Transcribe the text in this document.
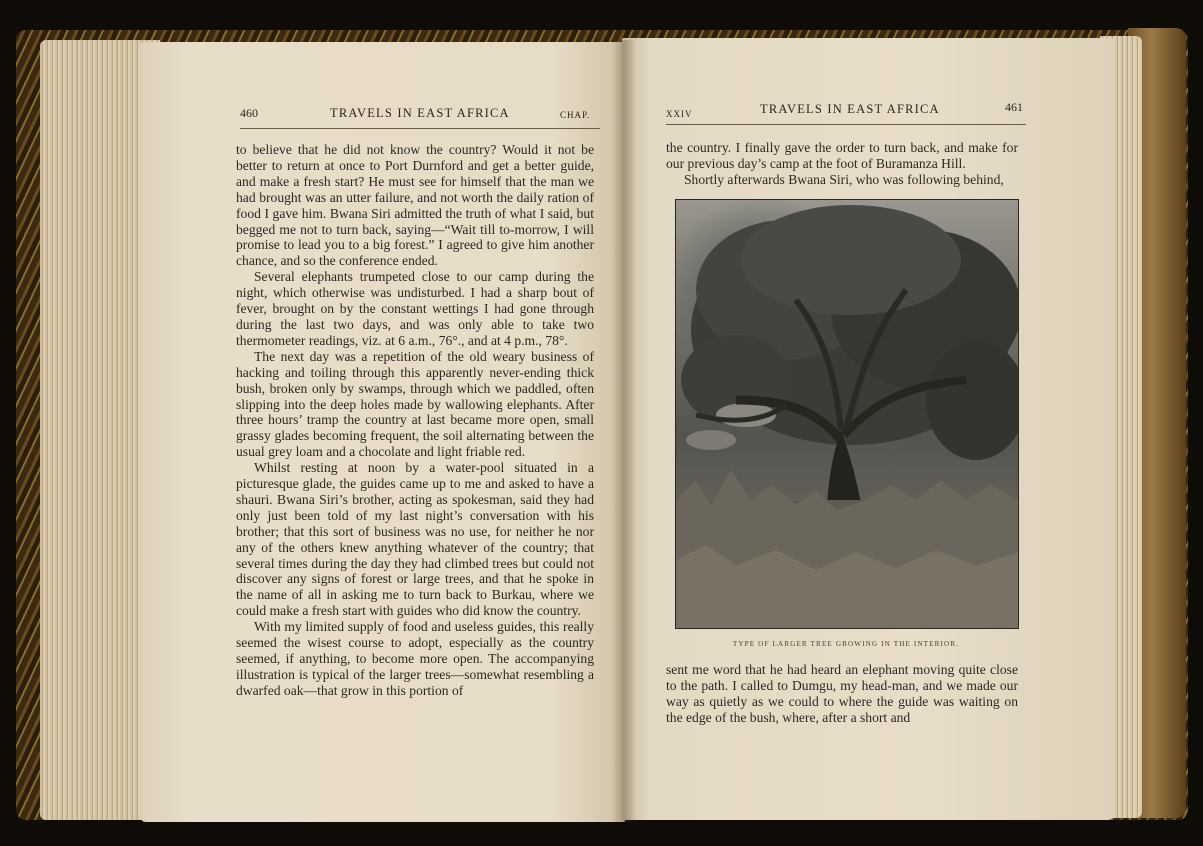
460	TRAVELS IN EAST AFRICA	CHAP.

to believe that he did not know the country? Would it not be better to return at once to Port Durnford and get a better guide, and make a fresh start? He must see for himself that the man we had brought was an utter failure, and not worth the daily ration of food I gave him. Bwana Siri admitted the truth of what I said, but begged me not to turn back, saying—“Wait till to-morrow, I will promise to lead you to a big forest.” I agreed to give him another chance, and so the conference ended.

Several elephants trumpeted close to our camp during the night, which otherwise was undisturbed. I had a sharp bout of fever, brought on by the constant wettings I had gone through during the last two days, and was only able to take two thermometer readings, viz. at 6 a.m., 76°., and at 4 p.m., 78°.

The next day was a repetition of the old weary business of hacking and toiling through this apparently never-ending thick bush, broken only by swamps, through which we paddled, often slipping into the deep holes made by wallowing elephants. After three hours’ tramp the country at last became more open, small grassy glades becoming frequent, the soil alternating between the usual grey loam and a chocolate and light friable red.

Whilst resting at noon by a water-pool situated in a picturesque glade, the guides came up to me and asked to have a shauri. Bwana Siri’s brother, acting as spokesman, said they had only just been told of my last night’s conversation with his brother; that this sort of business was no use, for neither he nor any of the others knew anything whatever of the country; that several times during the day they had climbed trees but could not discover any signs of forest or large trees, and that he spoke in the name of all in asking me to turn back to Burkau, where we could make a fresh start with guides who did know the country.

With my limited supply of food and useless guides, this really seemed the wisest course to adopt, especially as the country seemed, if anything, to become more open. The accompanying illustration is typical of the larger trees—somewhat resembling a dwarfed oak—that grow in this portion of

XXIV	TRAVELS IN EAST AFRICA	461

the country. I finally gave the order to turn back, and make for our previous day’s camp at the foot of Buramanza Hill.

Shortly afterwards Bwana Siri, who was following behind,

TYPE OF LARGER TREE GROWING IN THE INTERIOR.

sent me word that he had heard an elephant moving quite close to the path. I called to Dumgu, my head-man, and we made our way as quietly as we could to where the guide was waiting on the edge of the bush, where, after a short and
